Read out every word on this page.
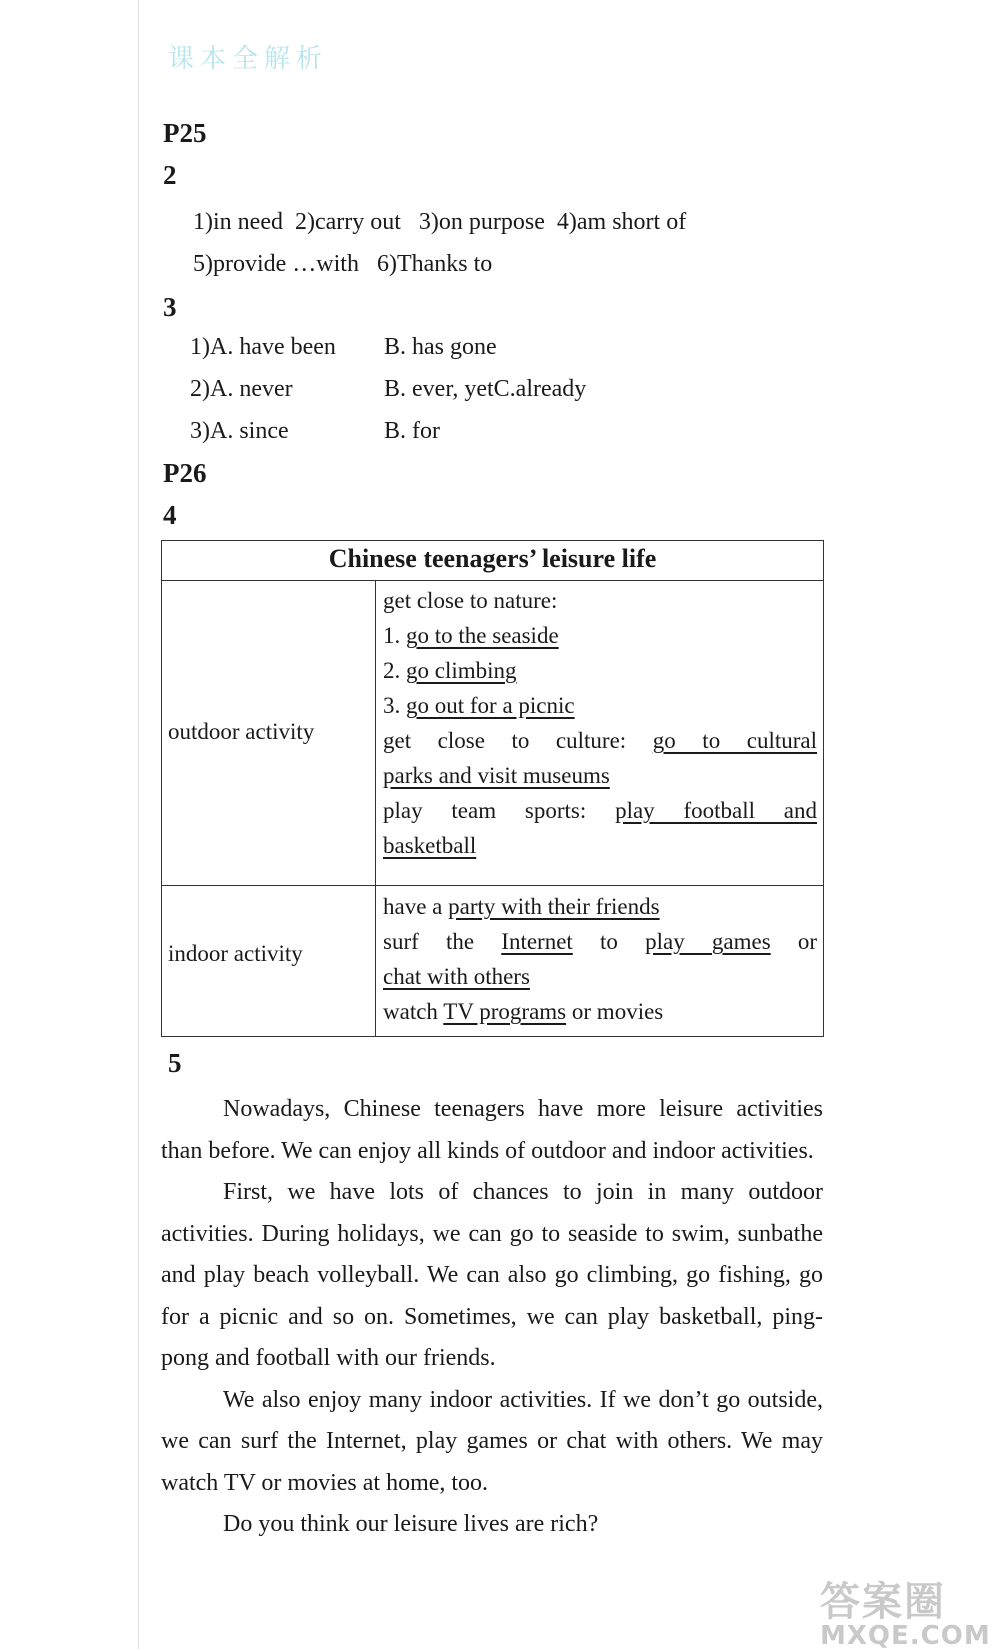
课本全解析
P25
2
1)in need  2)carry out   3)on purpose  4)am short of
5)provide …with   6)Thanks to
3
1)A. have been B. has gone
2)A. never	B. ever, yetC.already
3)A. since	B. for
P26
4
Chinese teenagers’ leisure life
outdoor activity
get close to nature:
1. go to the seaside
2. go climbing
3. go out for a picnic
get close to culture: go to cultural
parks and visit museums
play team sports: play football and
basketball
indoor activity
have a party with their friends
surf the Internet to play games or
chat with others
watch TV programs or movies
5

Nowadays, Chinese teenagers have more leisure activities than before. We can enjoy all kinds of outdoor and indoor activities.

First, we have lots of chances to join in many outdoor activities. During holidays, we can go to seaside to swim, sunbathe and play beach volleyball. We can also go climbing, go fishing, go for a picnic and so on. Sometimes, we can play basketball, ping-pong and football with our friends.

We also enjoy many indoor activities. If we don’t go outside, we can surf the Internet, play games or chat with others. We may watch TV or movies at home, too.

Do you think our leisure lives are rich?

答案圈
MXQE.COM
